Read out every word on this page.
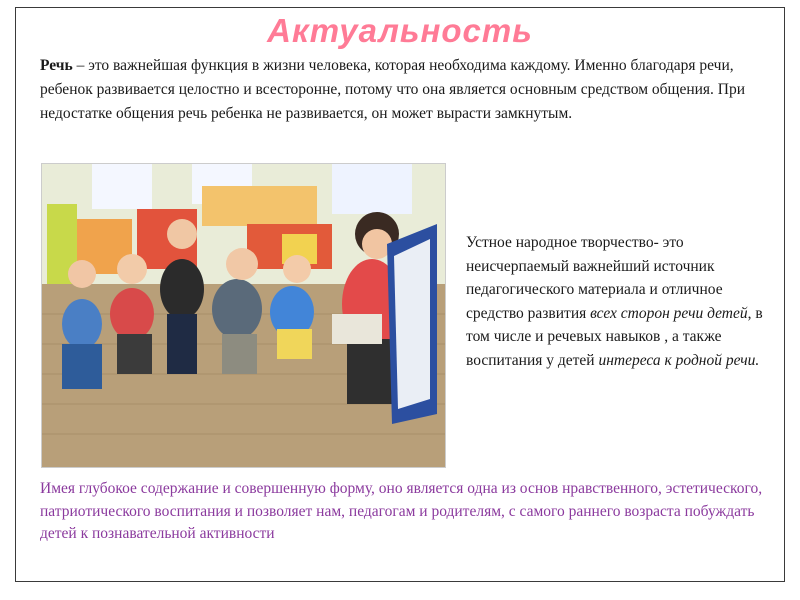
Актуальность
Речь – это важнейшая функция в жизни человека, которая необходима каждому. Именно благодаря речи, ребенок развивается целостно и всесторонне, потому что она является основным средством общения. При недостатке общения речь ребенка не развивается, он может вырасти замкнутым.
Устное народное творчество- это неисчерпаемый важнейший источник педагогического материала и отличное средство развития всех сторон речи детей, в том числе и речевых навыков , а также воспитания у детей интереса к родной речи.
Имея глубокое содержание и совершенную форму, оно является одна из основ нравственного, эстетического, патриотического воспитания и позволяет нам, педагогам и родителям, с самого раннего возраста побуждать детей к познавательной активности
